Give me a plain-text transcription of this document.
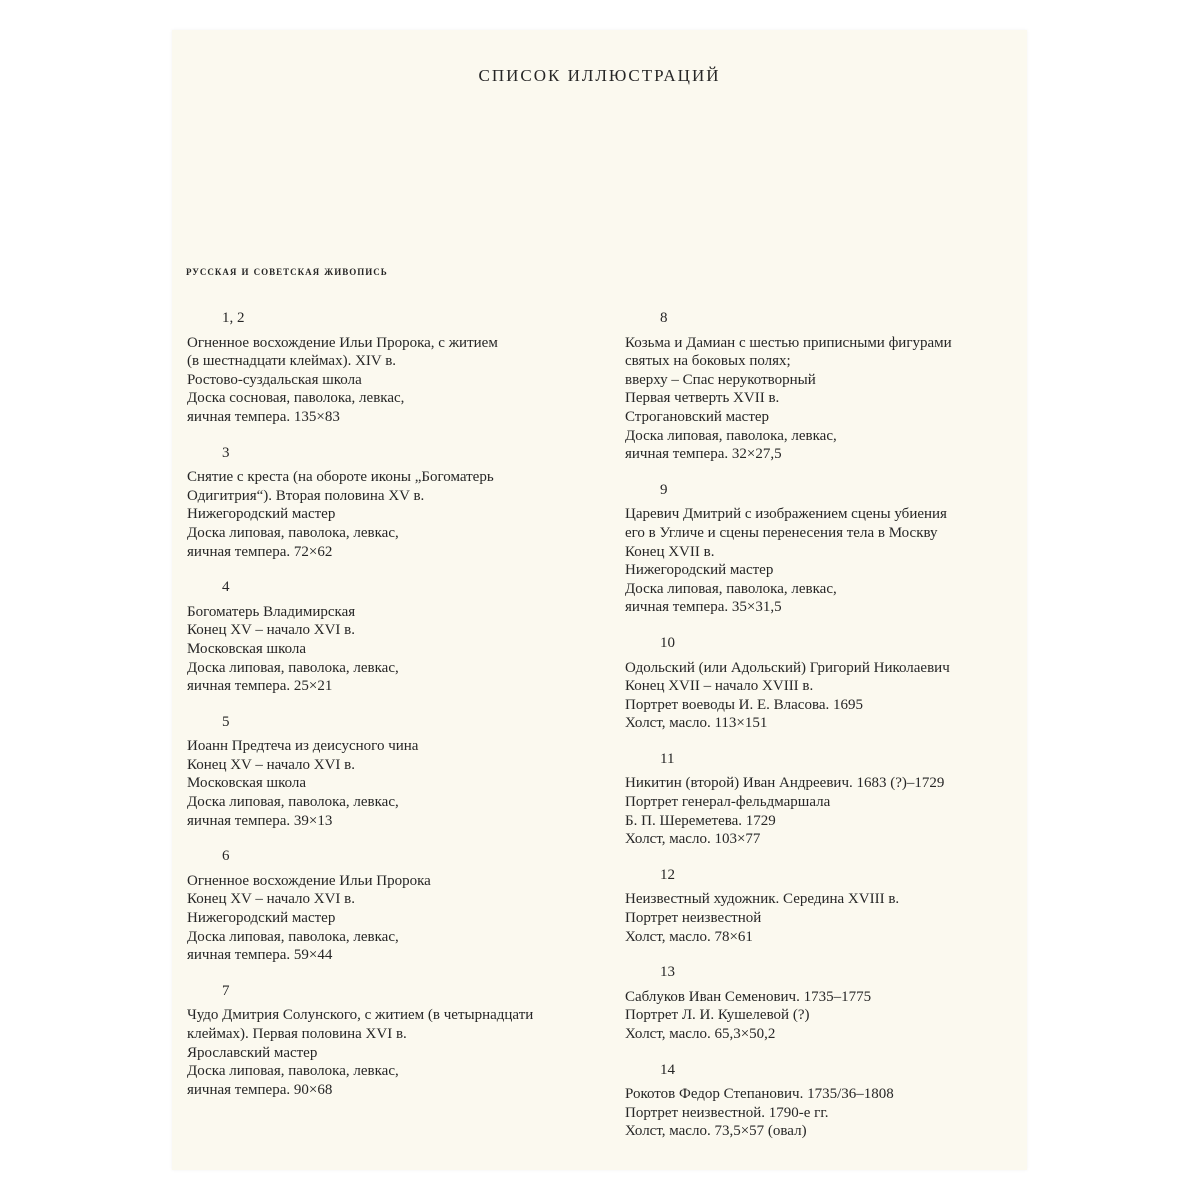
СПИСОК ИЛЛЮСТРАЦИЙ
русская и советская живопись
1, 2
Огненное восхождение Ильи Пророка, с житием
(в шестнадцати клеймах). XIV в.
Ростово-суздальская школа
Доска сосновая, паволока, левкас,
яичная темпера. 135×83
3
Снятие с креста (на обороте иконы „Богоматерь
Одигитрия“). Вторая половина XV в.
Нижегородский мастер
Доска липовая, паволока, левкас,
яичная темпера. 72×62
4
Богоматерь Владимирская
Конец XV – начало XVI в.
Московская школа
Доска липовая, паволока, левкас,
яичная темпера. 25×21
5
Иоанн Предтеча из деисусного чина
Конец XV – начало XVI в.
Московская школа
Доска липовая, паволока, левкас,
яичная темпера. 39×13
6
Огненное восхождение Ильи Пророка
Конец XV – начало XVI в.
Нижегородский мастер
Доска липовая, паволока, левкас,
яичная темпера. 59×44
7
Чудо Дмитрия Солунского, с житием (в четырнадцати
клеймах). Первая половина XVI в.
Ярославский мастер
Доска липовая, паволока, левкас,
яичная темпера. 90×68
8
Козьма и Дамиан с шестью приписными фигурами
святых на боковых полях;
вверху – Спас нерукотворный
Первая четверть XVII в.
Строгановский мастер
Доска липовая, паволока, левкас,
яичная темпера. 32×27,5
9
Царевич Дмитрий с изображением сцены убиения
его в Угличе и сцены перенесения тела в Москву
Конец XVII в.
Нижегородский мастер
Доска липовая, паволока, левкас,
яичная темпера. 35×31,5
10
Одольский (или Адольский) Григорий Николаевич
Конец XVII – начало XVIII в.
Портрет воеводы И. Е. Власова. 1695
Холст, масло. 113×151
11
Никитин (второй) Иван Андреевич. 1683 (?)–1729
Портрет генерал-фельдмаршала
Б. П. Шереметева. 1729
Холст, масло. 103×77
12
Неизвестный художник. Середина XVIII в.
Портрет неизвестной
Холст, масло. 78×61
13
Саблуков Иван Семенович. 1735–1775
Портрет Л. И. Кушелевой (?)
Холст, масло. 65,3×50,2
14
Рокотов Федор Степанович. 1735/36–1808
Портрет неизвестной. 1790-е гг.
Холст, масло. 73,5×57 (овал)
